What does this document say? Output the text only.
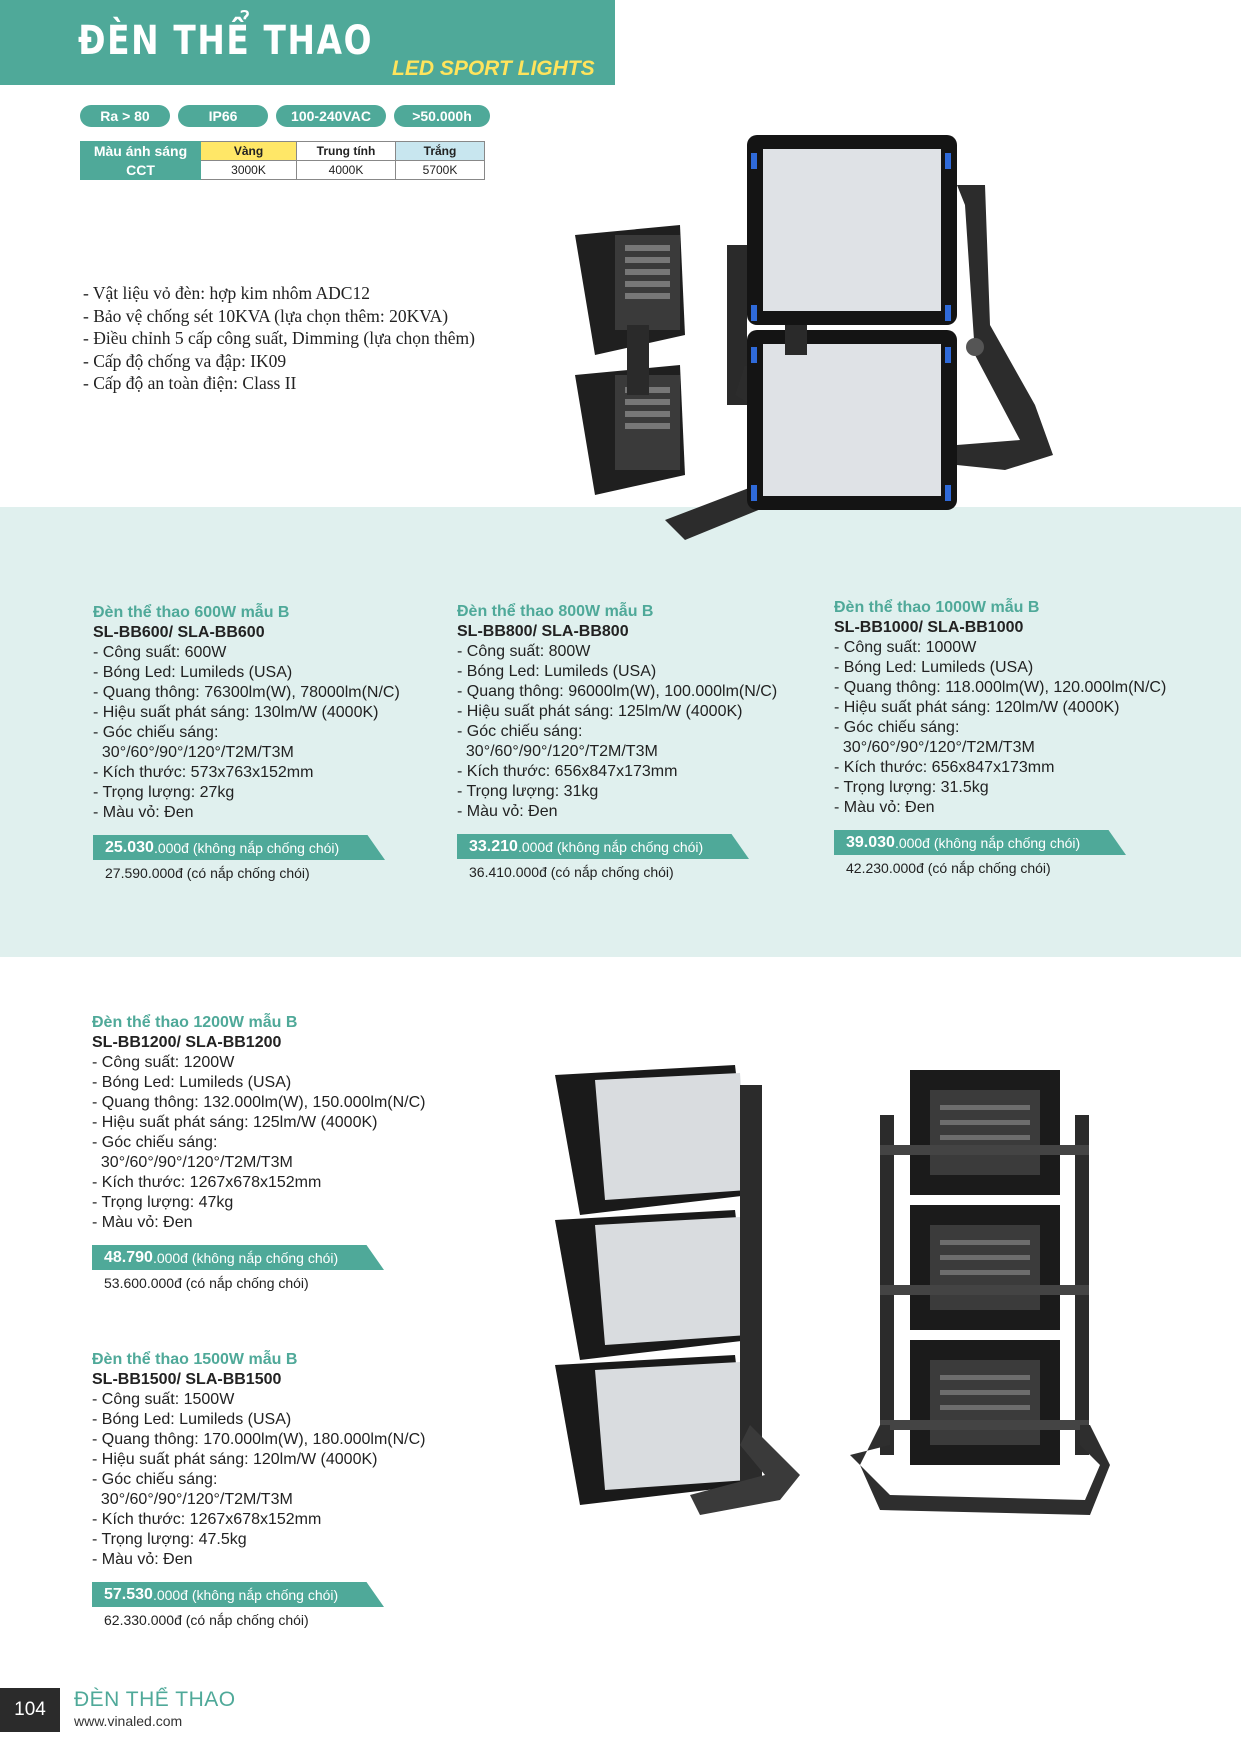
ĐÈN THỂ THAO
LED SPORT LIGHTS
Ra > 80	IP66	100-240VAC	>50.000h
Màu ánh sáng	Vàng	Trung tính	Trắng
CCT	3000K	4000K	5700K
- Vật liệu vỏ đèn: hợp kim nhôm ADC12
- Bảo vệ chống sét 10KVA (lựa chọn thêm: 20KVA)
- Điều chỉnh 5 cấp công suất, Dimming (lựa chọn thêm)
- Cấp độ chống va đập: IK09
- Cấp độ an toàn điện: Class II
Đèn thể thao 600W mẫu B
SL-BB600/ SLA-BB600
- Công suất: 600W
- Bóng Led: Lumileds (USA)
- Quang thông: 76300lm(W), 78000lm(N/C)
- Hiệu suất phát sáng: 130lm/W (4000K)
- Góc chiếu sáng:
30°/60°/90°/120°/T2M/T3M
- Kích thước: 573x763x152mm
- Trọng lượng: 27kg
- Màu vỏ: Đen
25.030 .000đ (không nắp chống chói)
27.590.000đ (có nắp chống chói)
Đèn thể thao 800W mẫu B
SL-BB800/ SLA-BB800
- Công suất: 800W
- Bóng Led: Lumileds (USA)
- Quang thông: 96000lm(W), 100.000lm(N/C)
- Hiệu suất phát sáng: 125lm/W (4000K)
- Góc chiếu sáng:
30°/60°/90°/120°/T2M/T3M
- Kích thước: 656x847x173mm
- Trọng lượng: 31kg
- Màu vỏ: Đen
33.210 .000đ (không nắp chống chói)
36.410.000đ (có nắp chống chói)
Đèn thể thao 1000W mẫu B
SL-BB1000/ SLA-BB1000
- Công suất: 1000W
- Bóng Led: Lumileds (USA)
- Quang thông: 118.000lm(W), 120.000lm(N/C)
- Hiệu suất phát sáng: 120lm/W (4000K)
- Góc chiếu sáng:
30°/60°/90°/120°/T2M/T3M
- Kích thước: 656x847x173mm
- Trọng lượng: 31.5kg
- Màu vỏ: Đen
39.030 .000đ (không nắp chống chói)
42.230.000đ (có nắp chống chói)
Đèn thể thao 1200W mẫu B
SL-BB1200/ SLA-BB1200
- Công suất: 1200W
- Bóng Led: Lumileds (USA)
- Quang thông: 132.000lm(W), 150.000lm(N/C)
- Hiệu suất phát sáng: 125lm/W (4000K)
- Góc chiếu sáng:
30°/60°/90°/120°/T2M/T3M
- Kích thước: 1267x678x152mm
- Trọng lượng: 47kg
- Màu vỏ: Đen
48.790 .000đ (không nắp chống chói)
53.600.000đ (có nắp chống chói)
Đèn thể thao 1500W mẫu B
SL-BB1500/ SLA-BB1500
- Công suất: 1500W
- Bóng Led: Lumileds (USA)
- Quang thông: 170.000lm(W), 180.000lm(N/C)
- Hiệu suất phát sáng: 120lm/W (4000K)
- Góc chiếu sáng:
30°/60°/90°/120°/T2M/T3M
- Kích thước: 1267x678x152mm
- Trọng lượng: 47.5kg
- Màu vỏ: Đen
57.530 .000đ (không nắp chống chói)
62.330.000đ (có nắp chống chói)
104	ĐÈN THỂ THAO
www.vinaled.com
